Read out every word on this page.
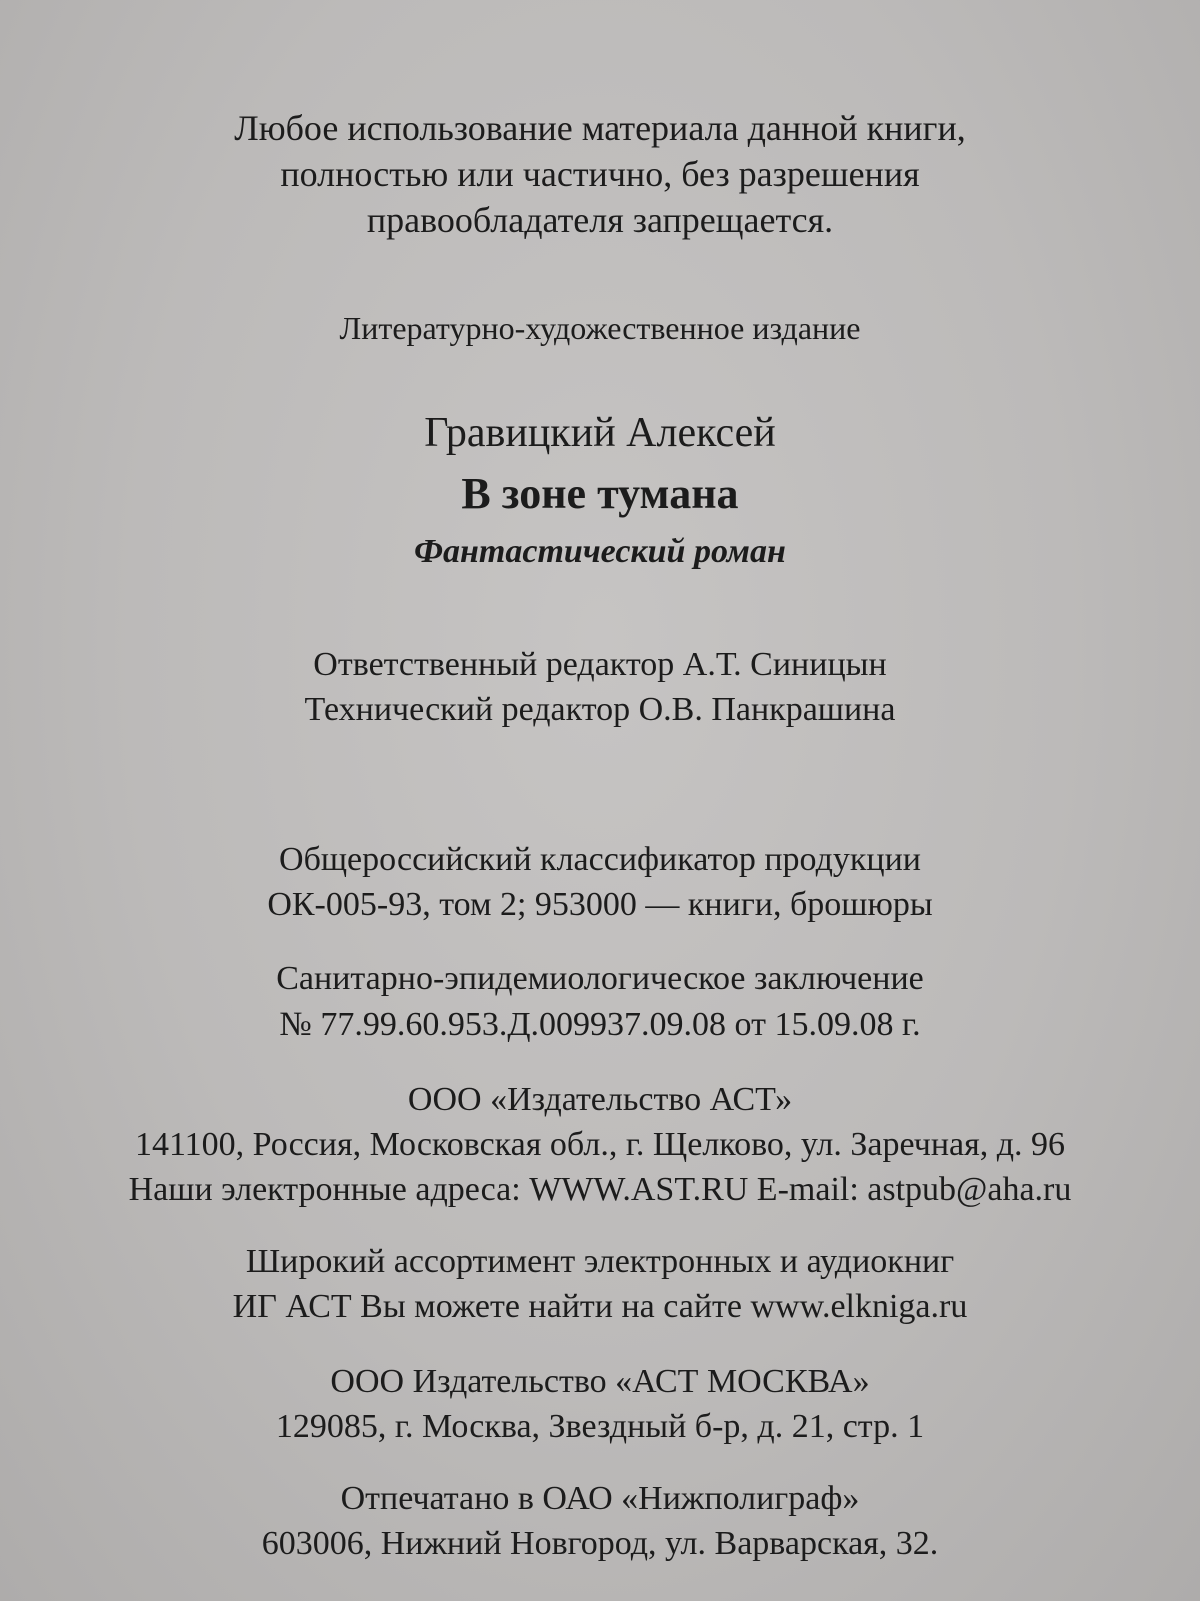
Любое использование материала данной книги,
полностью или частично, без разрешения
правообладателя запрещается.
Литературно-художественное издание
Гравицкий Алексей
В зоне тумана
Фантастический роман
Ответственный редактор А.Т. Синицын
Технический редактор О.В. Панкрашина
Общероссийский классификатор продукции
ОК-005-93, том 2; 953000 — книги, брошюры
Санитарно-эпидемиологическое заключение
№ 77.99.60.953.Д.009937.09.08 от 15.09.08 г.
ООО «Издательство АСТ»
141100, Россия, Московская обл., г. Щелково, ул. Заречная, д. 96
Наши электронные адреса: WWW.AST.RU E-mail: astpub@aha.ru
Широкий ассортимент электронных и аудиокниг
ИГ АСТ Вы можете найти на сайте www.elkniga.ru
ООО Издательство «АСТ МОСКВА»
129085, г. Москва, Звездный б-р, д. 21, стр. 1
Отпечатано в ОАО «Нижполиграф»
603006, Нижний Новгород, ул. Варварская, 32.
